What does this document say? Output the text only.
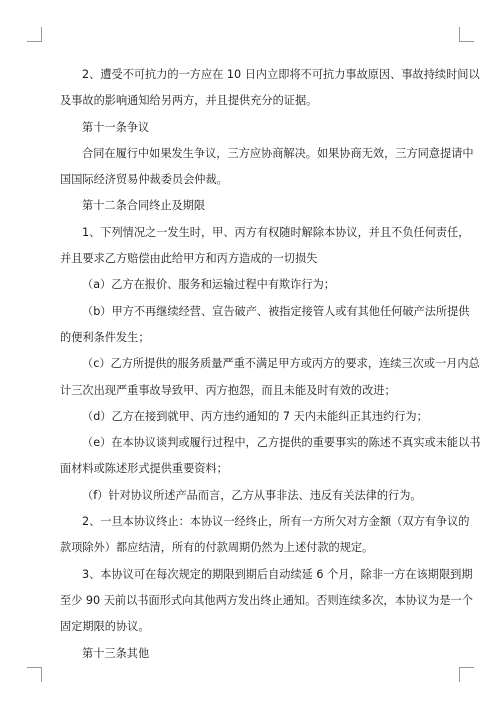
2、遭受不可抗力的一方应在 10 日内立即将不可抗力事故原因、事故持续时间以
及事故的影响通知给另两方，并且提供充分的证据。
第十一条争议
合同在履行中如果发生争议，三方应协商解决。如果协商无效，三方同意提请中
国国际经济贸易仲裁委员会仲裁。
第十二条合同终止及期限
1、下列情况之一发生时，甲、丙方有权随时解除本协议，并且不负任何责任，
并且要求乙方赔偿由此给甲方和丙方造成的一切损失
（a）乙方在报价、服务和运输过程中有欺诈行为；
（b）甲方不再继续经营、宣告破产、被指定接管人或有其他任何破产法所提供
的便利条件发生；
（c）乙方所提供的服务质量严重不满足甲方或丙方的要求，连续三次或一月内总
计三次出现严重事故导致甲、丙方抱怨，而且未能及时有效的改进；
（d）乙方在接到就甲、丙方违约通知的 7 天内未能纠正其违约行为；
（e）在本协议谈判或履行过程中，乙方提供的重要事实的陈述不真实或未能以书
面材料或陈述形式提供重要资料；
（f）针对协议所述产品而言，乙方从事非法、违反有关法律的行为。
2、一旦本协议终止：本协议一经终止，所有一方所欠对方金额（双方有争议的
款项除外）都应结清，所有的付款周期仍然为上述付款的规定。
3、本协议可在每次规定的期限到期后自动续延 6 个月，除非一方在该期限到期
至少 90 天前以书面形式向其他两方发出终止通知。否则连续多次，本协议为是一个
固定期限的协议。
第十三条其他
